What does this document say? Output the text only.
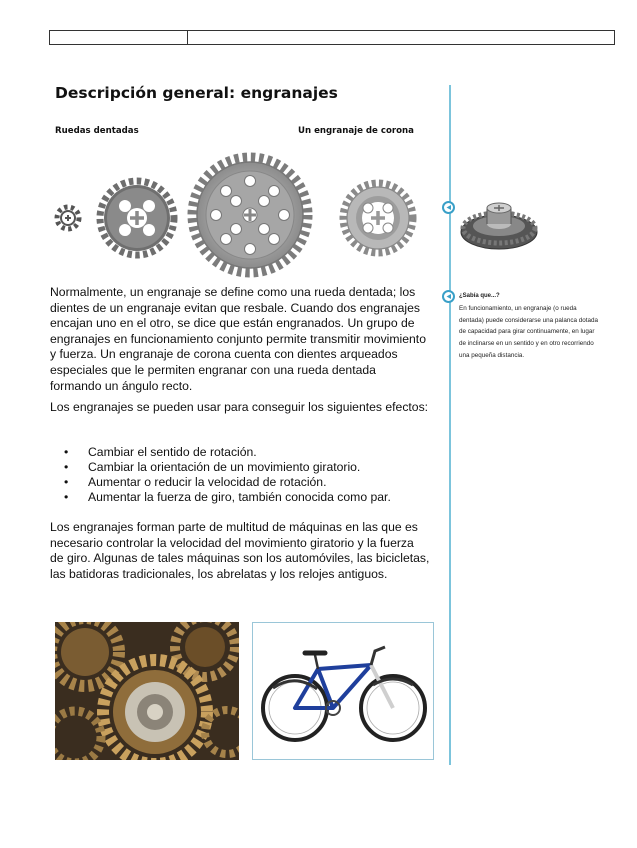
Descripción general: engranajes
Ruedas dentadas	Un engranaje de corona

Normalmente, un engranaje se define como una rueda dentada; los dientes de un engranaje evitan que resbale. Cuando dos engranajes encajan uno en el otro, se dice que están engranados. Un grupo de engranajes en funcionamiento conjunto permite transmitir movimiento y fuerza. Un engranaje de corona cuenta con dientes arqueados especiales que le permiten engranar con una rueda dentada formando un ángulo recto.

Los engranajes se pueden usar para conseguir los siguientes efectos:

• Cambiar el sentido de rotación.
• Cambiar la orientación de un movimiento giratorio.
• Aumentar o reducir la velocidad de rotación.
• Aumentar la fuerza de giro, también conocida como par.

Los engranajes forman parte de multitud de máquinas en las que es necesario controlar la velocidad del movimiento giratorio y la fuerza de giro. Algunas de tales máquinas son los automóviles, las bicicletas, las batidoras tradicionales, los abrelatas y los relojes antiguos.

¿Sabía que...?

En funcionamiento, un engranaje (o rueda dentada) puede considerarse una palanca dotada de capacidad para girar continuamente, en lugar de inclinarse en un sentido y en otro recorriendo una pequeña distancia.
